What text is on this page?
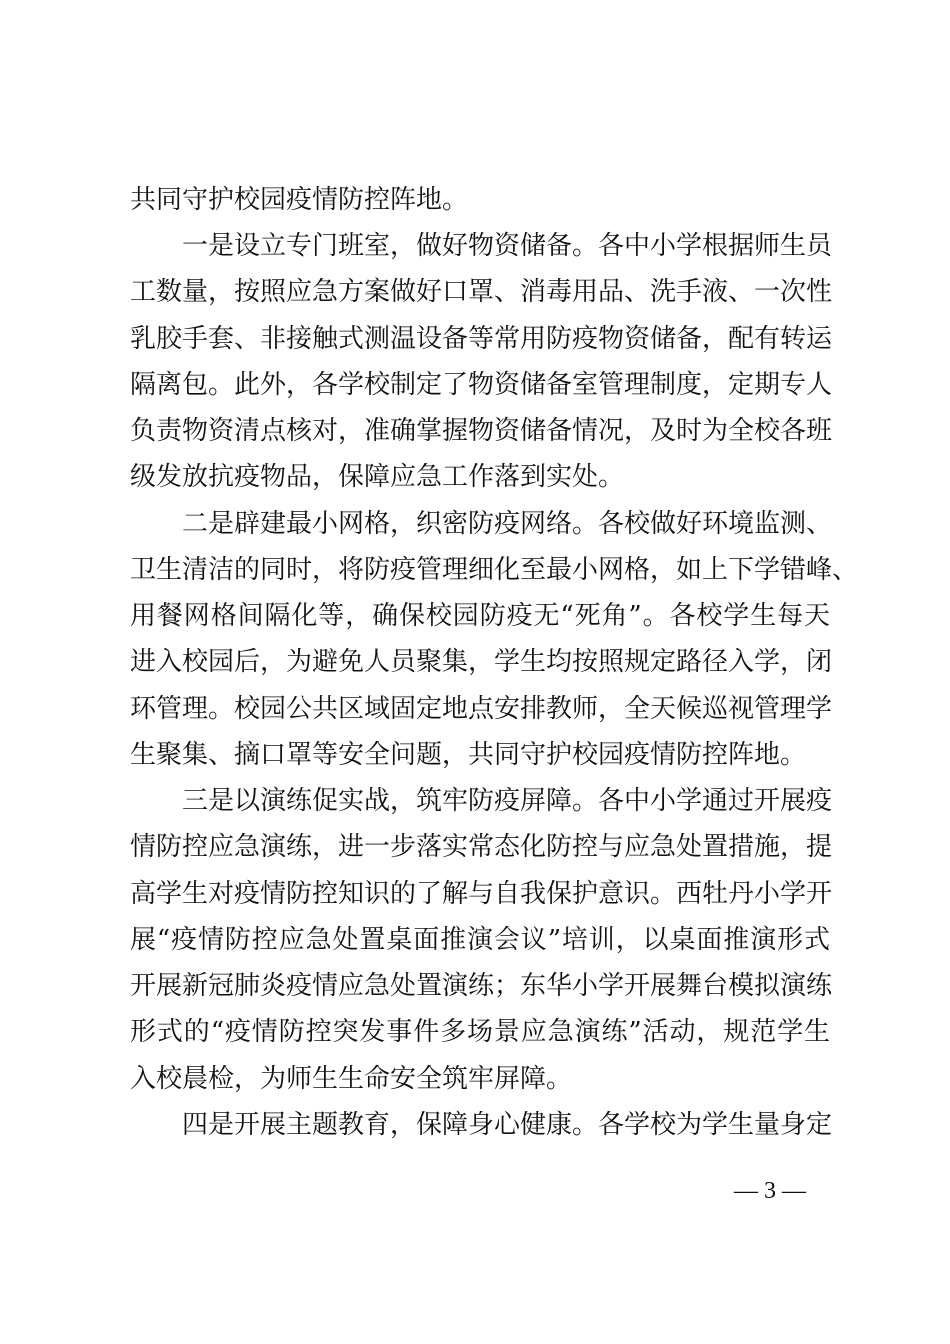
共同守护校园疫情防控阵地。
一是设立专门班室，做好物资储备。各中小学根据师生员
工数量，按照应急方案做好口罩、消毒用品、洗手液、一次性
乳胶手套、非接触式测温设备等常用防疫物资储备，配有转运
隔离包。此外，各学校制定了物资储备室管理制度，定期专人
负责物资清点核对，准确掌握物资储备情况，及时为全校各班
级发放抗疫物品，保障应急工作落到实处。
二是辟建最小网格，织密防疫网络。各校做好环境监测、
卫生清洁的同时，将防疫管理细化至最小网格，如上下学错峰、
用餐网格间隔化等，确保校园防疫无“死角”。各校学生每天
进入校园后，为避免人员聚集，学生均按照规定路径入学，闭
环管理。校园公共区域固定地点安排教师，全天候巡视管理学
生聚集、摘口罩等安全问题，共同守护校园疫情防控阵地。
三是以演练促实战，筑牢防疫屏障。各中小学通过开展疫
情防控应急演练，进一步落实常态化防控与应急处置措施，提
高学生对疫情防控知识的了解与自我保护意识。西牡丹小学开
展“疫情防控应急处置桌面推演会议”培训，以桌面推演形式
开展新冠肺炎疫情应急处置演练；东华小学开展舞台模拟演练
形式的“疫情防控突发事件多场景应急演练”活动，规范学生
入校晨检，为师生生命安全筑牢屏障。
四是开展主题教育，保障身心健康。各学校为学生量身定
— 3 —
